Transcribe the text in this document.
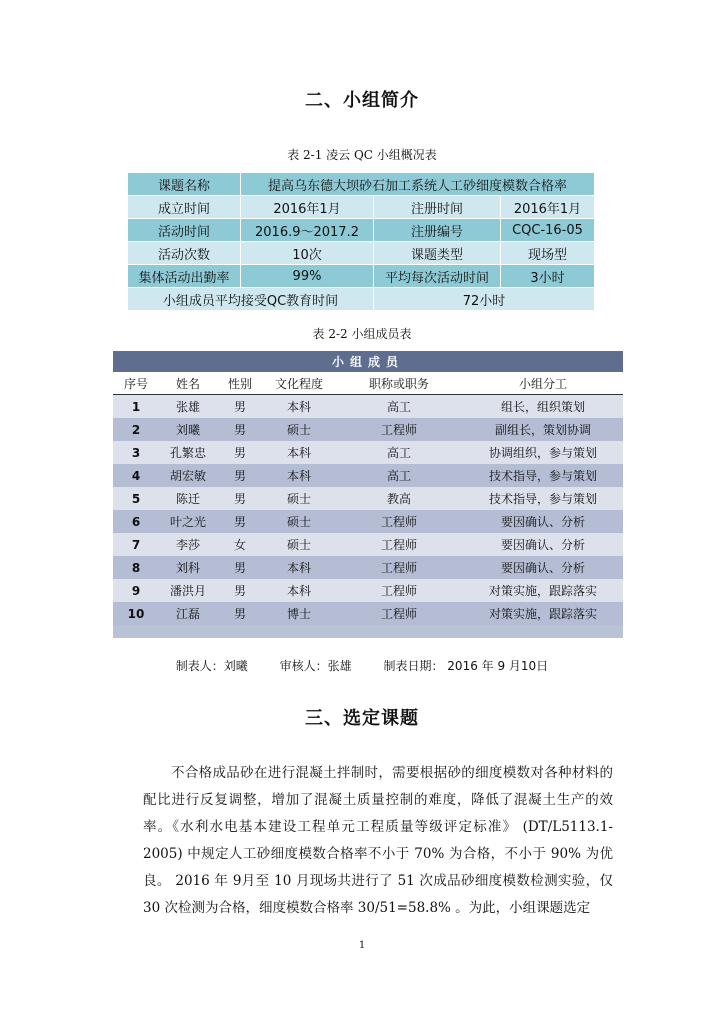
二、小组简介
表 2-1 凌云 QC 小组概况表
课题名称	提高乌东德大坝砂石加工系统人工砂细度模数合格率		
成立时间	2016年1月	注册时间	2016年1月
活动时间	2016.9～2017.2	注册编号	CQC-16-05
活动次数	10次	课题类型	现场型
集体活动出勤率	99%	平均每次活动时间	3小时
小组成员平均接受QC教育时间		72小时	
表 2-2 小组成员表
小组成员					
序号	姓名	性别	文化程度	职称或职务	小组分工
1	张雄	男	本科	高工	组长，组织策划
2	刘曦	男	硕士	工程师	副组长，策划协调
3	孔繁忠	男	本科	高工	协调组织，参与策划
4	胡宏敏	男	本科	高工	技术指导，参与策划
5	陈迁	男	硕士	教高	技术指导，参与策划
6	叶之光	男	硕士	工程师	要因确认、分析
7	李莎	女	硕士	工程师	要因确认、分析
8	刘科	男	本科	工程师	要因确认、分析
9	潘洪月	男	本科	工程师	对策实施，跟踪落实
10	江磊	男	博士	工程师	对策实施，跟踪落实
制表人：刘曦	审核人：张雄	制表日期： 2016 年 9 月10日
三、选定课题

不合格成品砂在进行混凝土拌制时，需要根据砂的细度模数对各种材料的配比进行反复调整，增加了混凝土质量控制的难度，降低了混凝土生产的效率。《水利水电基本建设工程单元工程质量等级评定标准》 (DT/L5113.1-2005) 中规定人工砂细度模数合格率不小于 70% 为合格，不小于 90% 为优良。 2016 年 9月至 10 月现场共进行了 51 次成品砂细度模数检测实验，仅 30 次检测为合格，细度模数合格率 30/51=58.8% 。为此，小组课题选定

1
